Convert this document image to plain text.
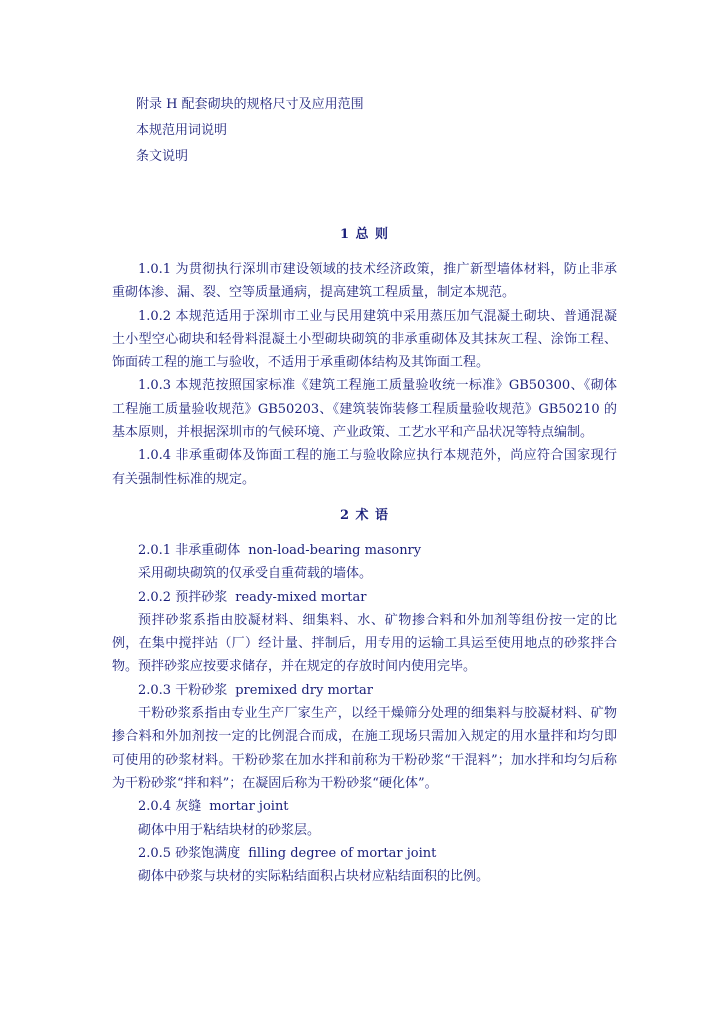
附录 H 配套砌块的规格尺寸及应用范围
本规范用词说明
条文说明
1 总 则

1.0.1 为贯彻执行深圳市建设领域的技术经济政策，推广新型墙体材料，防止非承重砌体渗、漏、裂、空等质量通病，提高建筑工程质量，制定本规范。

1.0.2 本规范适用于深圳市工业与民用建筑中采用蒸压加气混凝土砌块、普通混凝土小型空心砌块和轻骨料混凝土小型砌块砌筑的非承重砌体及其抹灰工程、涂饰工程、饰面砖工程的施工与验收，不适用于承重砌体结构及其饰面工程。

1.0.3 本规范按照国家标准《建筑工程施工质量验收统一标准》GB50300、《砌体工程施工质量验收规范》GB50203、《建筑装饰装修工程质量验收规范》GB50210 的基本原则，并根据深圳市的气候环境、产业政策、工艺水平和产品状况等特点编制。

1.0.4 非承重砌体及饰面工程的施工与验收除应执行本规范外，尚应符合国家现行有关强制性标准的规定。

2 术 语

2.0.1 非承重砌体 non-load-bearing masonry

采用砌块砌筑的仅承受自重荷载的墙体。

2.0.2 预拌砂浆 ready-mixed mortar

预拌砂浆系指由胶凝材料、细集料、水、矿物掺合料和外加剂等组份按一定的比例，在集中搅拌站（厂）经计量、拌制后，用专用的运输工具运至使用地点的砂浆拌合物。预拌砂浆应按要求储存，并在规定的存放时间内使用完毕。

2.0.3 干粉砂浆 premixed dry mortar

干粉砂浆系指由专业生产厂家生产，以经干燥筛分处理的细集料与胶凝材料、矿物掺合料和外加剂按一定的比例混合而成，在施工现场只需加入规定的用水量拌和均匀即可使用的砂浆材料。干粉砂浆在加水拌和前称为干粉砂浆“干混料”；加水拌和均匀后称为干粉砂浆“拌和料”；在凝固后称为干粉砂浆“硬化体”。

2.0.4 灰缝 mortar joint

砌体中用于粘结块材的砂浆层。

2.0.5 砂浆饱满度 filling degree of mortar joint

砌体中砂浆与块材的实际粘结面积占块材应粘结面积的比例。
